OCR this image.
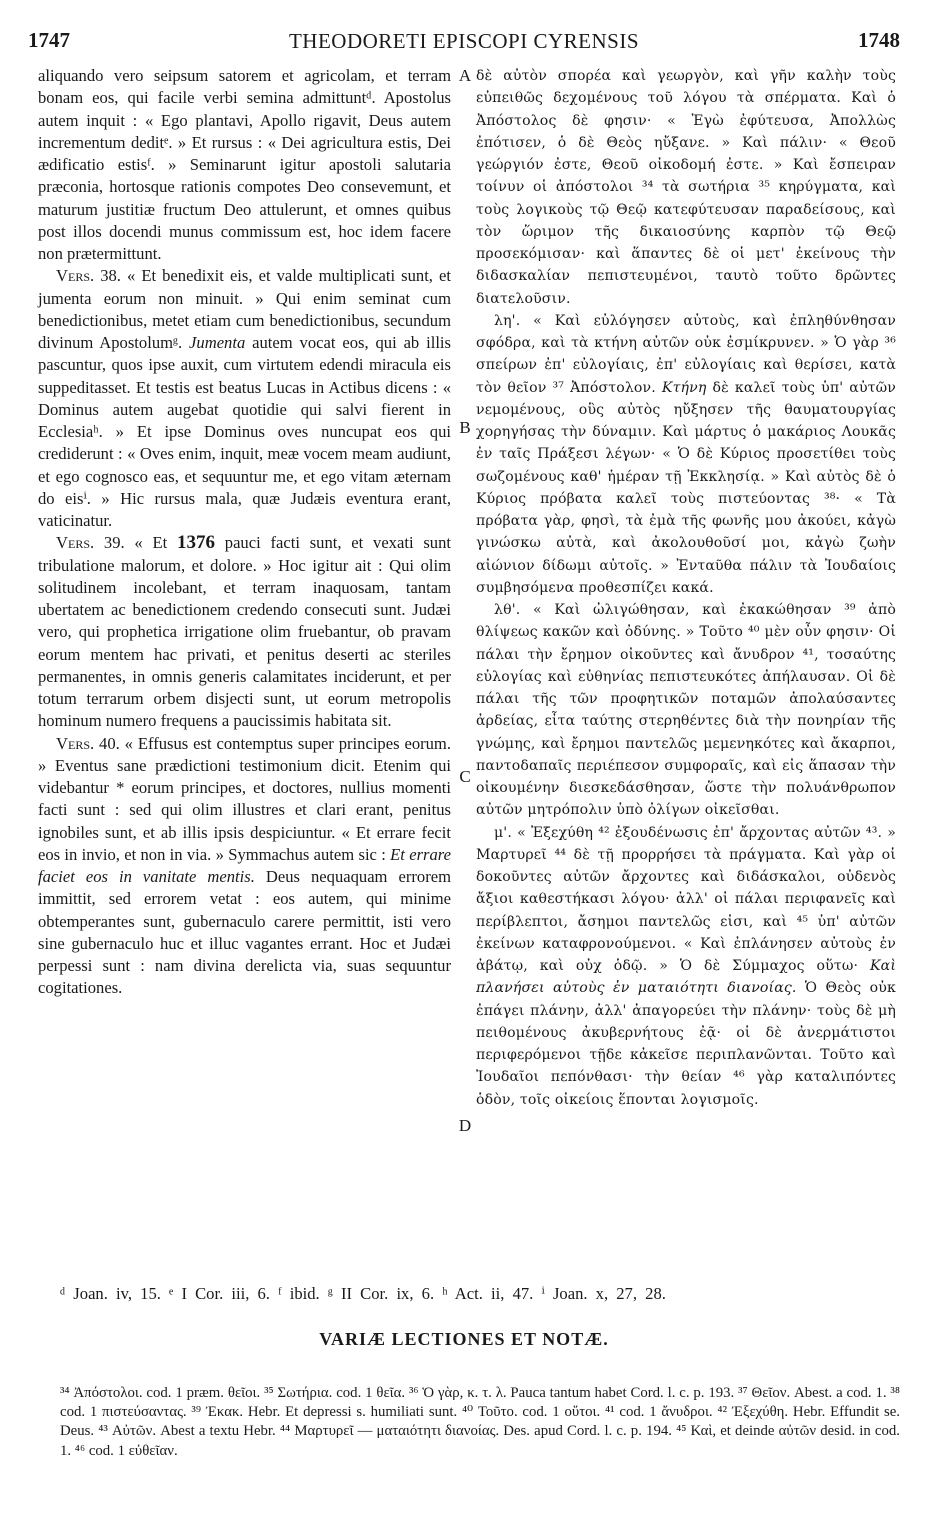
1747	THEODORETI EPISCOPI CYRENSIS	1748

aliquando vero seipsum satorem et agricolam, et terram bonam eos, qui facile verbi semina admittuntᵈ. Apostolus autem inquit : « Ego plantavi, Apollo rigavit, Deus autem incrementum deditᵉ. » Et rursus : « Dei agricultura estis, Dei ædificatio estisᶠ. » Seminarunt igitur apostoli salutaria præconia, hortosque rationis compotes Deo consevemunt, et maturum justitiæ fructum Deo attulerunt, et omnes quibus post illos docendi munus commissum est, hoc idem facere non prætermittunt.

Vers. 38. « Et benedixit eis, et valde multiplicati sunt, et jumenta eorum non minuit. » Qui enim seminat cum benedictionibus, metet etiam cum benedictionibus, secundum divinum Apostolumᵍ. Jumenta autem vocat eos, qui ab illis pascuntur, quos ipse auxit, cum virtutem edendi miracula eis suppeditasset. Et testis est beatus Lucas in Actibus dicens : « Dominus autem augebat quotidie qui salvi fierent in Ecclesiaʰ. » Et ipse Dominus oves nuncupat eos qui crediderunt : « Oves enim, inquit, meæ vocem meam audiunt, et ego cognosco eas, et sequuntur me, et ego vitam æternam do eisⁱ. » Hic rursus mala, quæ Judæis eventura erant, vaticinatur.

Vers. 39. « Et 1376 pauci facti sunt, et vexati sunt tribulatione malorum, et dolore. » Hoc igitur ait : Qui olim solitudinem incolebant, et terram inaquosam, tantam ubertatem ac benedictionem credendo consecuti sunt. Judæi vero, qui prophetica irrigatione olim fruebantur, ob pravam eorum mentem hac privati, et penitus deserti ac steriles permanentes, in omnis generis calamitates inciderunt, et per totum terrarum orbem disjecti sunt, ut eorum metropolis hominum numero frequens a paucissimis habitata sit.

Vers. 40. « Effusus est contemptus super principes eorum. » Eventus sane prædictioni testimonium dicit. Etenim qui videbantur * eorum principes, et doctores, nullius momenti facti sunt : sed qui olim illustres et clari erant, penitus ignobiles sunt, et ab illis ipsis despiciuntur. « Et errare fecit eos in invio, et non in via. » Symmachus autem sic : Et errare faciet eos in vanitate mentis. Deus nequaquam errorem immittit, sed errorem vetat : eos autem, qui minime obtemperantes sunt, gubernaculo carere permittit, isti vero sine gubernaculo huc et illuc vagantes errant. Hoc et Judæi perpessi sunt : nam divina derelicta via, suas sequuntur cogitationes.

A
B
C
D

δὲ αὐτὸν σπορέα καὶ γεωργὸν, καὶ γῆν καλὴν τοὺς εὐπειθῶς δεχομένους τοῦ λόγου τὰ σπέρματα. Καὶ ὁ Ἀπόστολος δὲ φησιν· « Ἐγὼ ἐφύτευσα, Ἀπολλὼς ἐπότισεν, ὁ δὲ Θεὸς ηὔξανε. » Καὶ πάλιν· « Θεοῦ γεώργιόν ἐστε, Θεοῦ οἰκοδομή ἐστε. » Καὶ ἔσπειραν τοίνυν οἱ ἀπόστολοι ³⁴ τὰ σωτήρια ³⁵ κηρύγματα, καὶ τοὺς λογικοὺς τῷ Θεῷ κατεφύτευσαν παραδείσους, καὶ τὸν ὥριμον τῆς δικαιοσύνης καρπὸν τῷ Θεῷ προσεκόμισαν· καὶ ἅπαντες δὲ οἱ μετ' ἐκείνους τὴν διδασκαλίαν πεπιστευμένοι, ταυτὸ τοῦτο δρῶντες διατελοῦσιν.

λη'. « Καὶ εὐλόγησεν αὐτοὺς, καὶ ἐπληθύνθησαν σφόδρα, καὶ τὰ κτήνη αὐτῶν οὐκ ἐσμίκρυνεν. » Ὁ γὰρ ³⁶ σπείρων ἐπ' εὐλογίαις, ἐπ' εὐλογίαις καὶ θερίσει, κατὰ τὸν θεῖον ³⁷ Ἀπόστολον. Κτήνη δὲ καλεῖ τοὺς ὑπ' αὐτῶν νεμομένους, οὓς αὐτὸς ηὔξησεν τῆς θαυματουργίας χορηγήσας τὴν δύναμιν. Καὶ μάρτυς ὁ μακάριος Λουκᾶς ἐν ταῖς Πράξεσι λέγων· « Ὁ δὲ Κύριος προσετίθει τοὺς σωζομένους καθ' ἡμέραν τῇ Ἐκκλησίᾳ. » Καὶ αὐτὸς δὲ ὁ Κύριος πρόβατα καλεῖ τοὺς πιστεύοντας ³⁸· « Τὰ πρόβατα γὰρ, φησὶ, τὰ ἐμὰ τῆς φωνῆς μου ἀκούει, κἀγὼ γινώσκω αὐτὰ, καὶ ἀκολουθοῦσί μοι, κἀγὼ ζωὴν αἰώνιον δίδωμι αὐτοῖς. » Ἐνταῦθα πάλιν τὰ Ἰουδαίοις συμβησόμενα προθεσπίζει κακά.

λθ'. « Καὶ ὠλιγώθησαν, καὶ ἐκακώθησαν ³⁹ ἀπὸ θλίψεως κακῶν καὶ ὀδύνης. » Τοῦτο ⁴⁰ μὲν οὖν φησιν· Οἱ πάλαι τὴν ἔρημον οἰκοῦντες καὶ ἄνυδρον ⁴¹, τοσαύτης εὐλογίας καὶ εὐθηνίας πεπιστευκότες ἀπήλαυσαν. Οἱ δὲ πάλαι τῆς τῶν προφητικῶν ποταμῶν ἀπολαύσαντες ἀρδείας, εἶτα ταύτης στερηθέντες διὰ τὴν πονηρίαν τῆς γνώμης, καὶ ἔρημοι παντελῶς μεμενηκότες καὶ ἄκαρποι, παντοδαπαῖς περιέπεσον συμφοραῖς, καὶ εἰς ἅπασαν τὴν οἰκουμένην διεσκεδάσθησαν, ὥστε τὴν πολυάνθρωπον αὐτῶν μητρόπολιν ὑπὸ ὀλίγων οἰκεῖσθαι.

μ'. « Ἐξεχύθη ⁴² ἐξουδένωσις ἐπ' ἄρχοντας αὐτῶν ⁴³. » Μαρτυρεῖ ⁴⁴ δὲ τῇ προρρήσει τὰ πράγματα. Καὶ γὰρ οἱ δοκοῦντες αὐτῶν ἄρχοντες καὶ διδάσκαλοι, οὐδενὸς ἄξιοι καθεστήκασι λόγου· ἀλλ' οἱ πάλαι περιφανεῖς καὶ περίβλεπτοι, ἄσημοι παντελῶς εἰσι, καὶ ⁴⁵ ὑπ' αὐτῶν ἐκείνων καταφρονούμενοι. « Καὶ ἐπλάνησεν αὐτοὺς ἐν ἀβάτῳ, καὶ οὐχ ὁδῷ. » Ὁ δὲ Σύμμαχος οὕτω· Καὶ πλανήσει αὐτοὺς ἐν ματαιότητι διανοίας. Ὁ Θεὸς οὐκ ἐπάγει πλάνην, ἀλλ' ἀπαγορεύει τὴν πλάνην· τοὺς δὲ μὴ πειθομένους ἀκυβερνήτους ἐᾷ· οἱ δὲ ἀνερμάτιστοι περιφερόμενοι τῇδε κἀκεῖσε περιπλανῶνται. Τοῦτο καὶ Ἰουδαῖοι πεπόνθασι· τὴν θείαν ⁴⁶ γὰρ καταλιπόντες ὁδὸν, τοῖς οἰκείοις ἕπονται λογισμοῖς.

ᵈ Joan. iv, 15. ᵉ I Cor. iii, 6. ᶠ ibid. ᵍ II Cor. ix, 6. ʰ Act. ii, 47. ⁱ Joan. x, 27, 28.
VARIÆ LECTIONES ET NOTÆ.

³⁴ Ἀπόστολοι. cod. 1 præm. θεῖοι. ³⁵ Σωτήρια. cod. 1 θεῖα. ³⁶ Ὁ γὰρ, κ. τ. λ. Pauca tantum habet Cord. l. c. p. 193. ³⁷ Θεῖον. Abest. a cod. 1. ³⁸ cod. 1 πιστεύσαντας. ³⁹ Ἐκακ. Hebr. Et depressi s. humiliati sunt. ⁴⁰ Τοῦτο. cod. 1 οὕτοι. ⁴¹ cod. 1 ἄνυδροι. ⁴² Ἐξεχύθη. Hebr. Effundit se. Deus. ⁴³ Αὐτῶν. Abest a textu Hebr. ⁴⁴ Μαρτυρεῖ — ματαιότητι διανοίας. Des. apud Cord. l. c. p. 194. ⁴⁵ Καὶ, et deinde αὐτῶν desid. in cod. 1. ⁴⁶ cod. 1 εὐθεῖαν.
